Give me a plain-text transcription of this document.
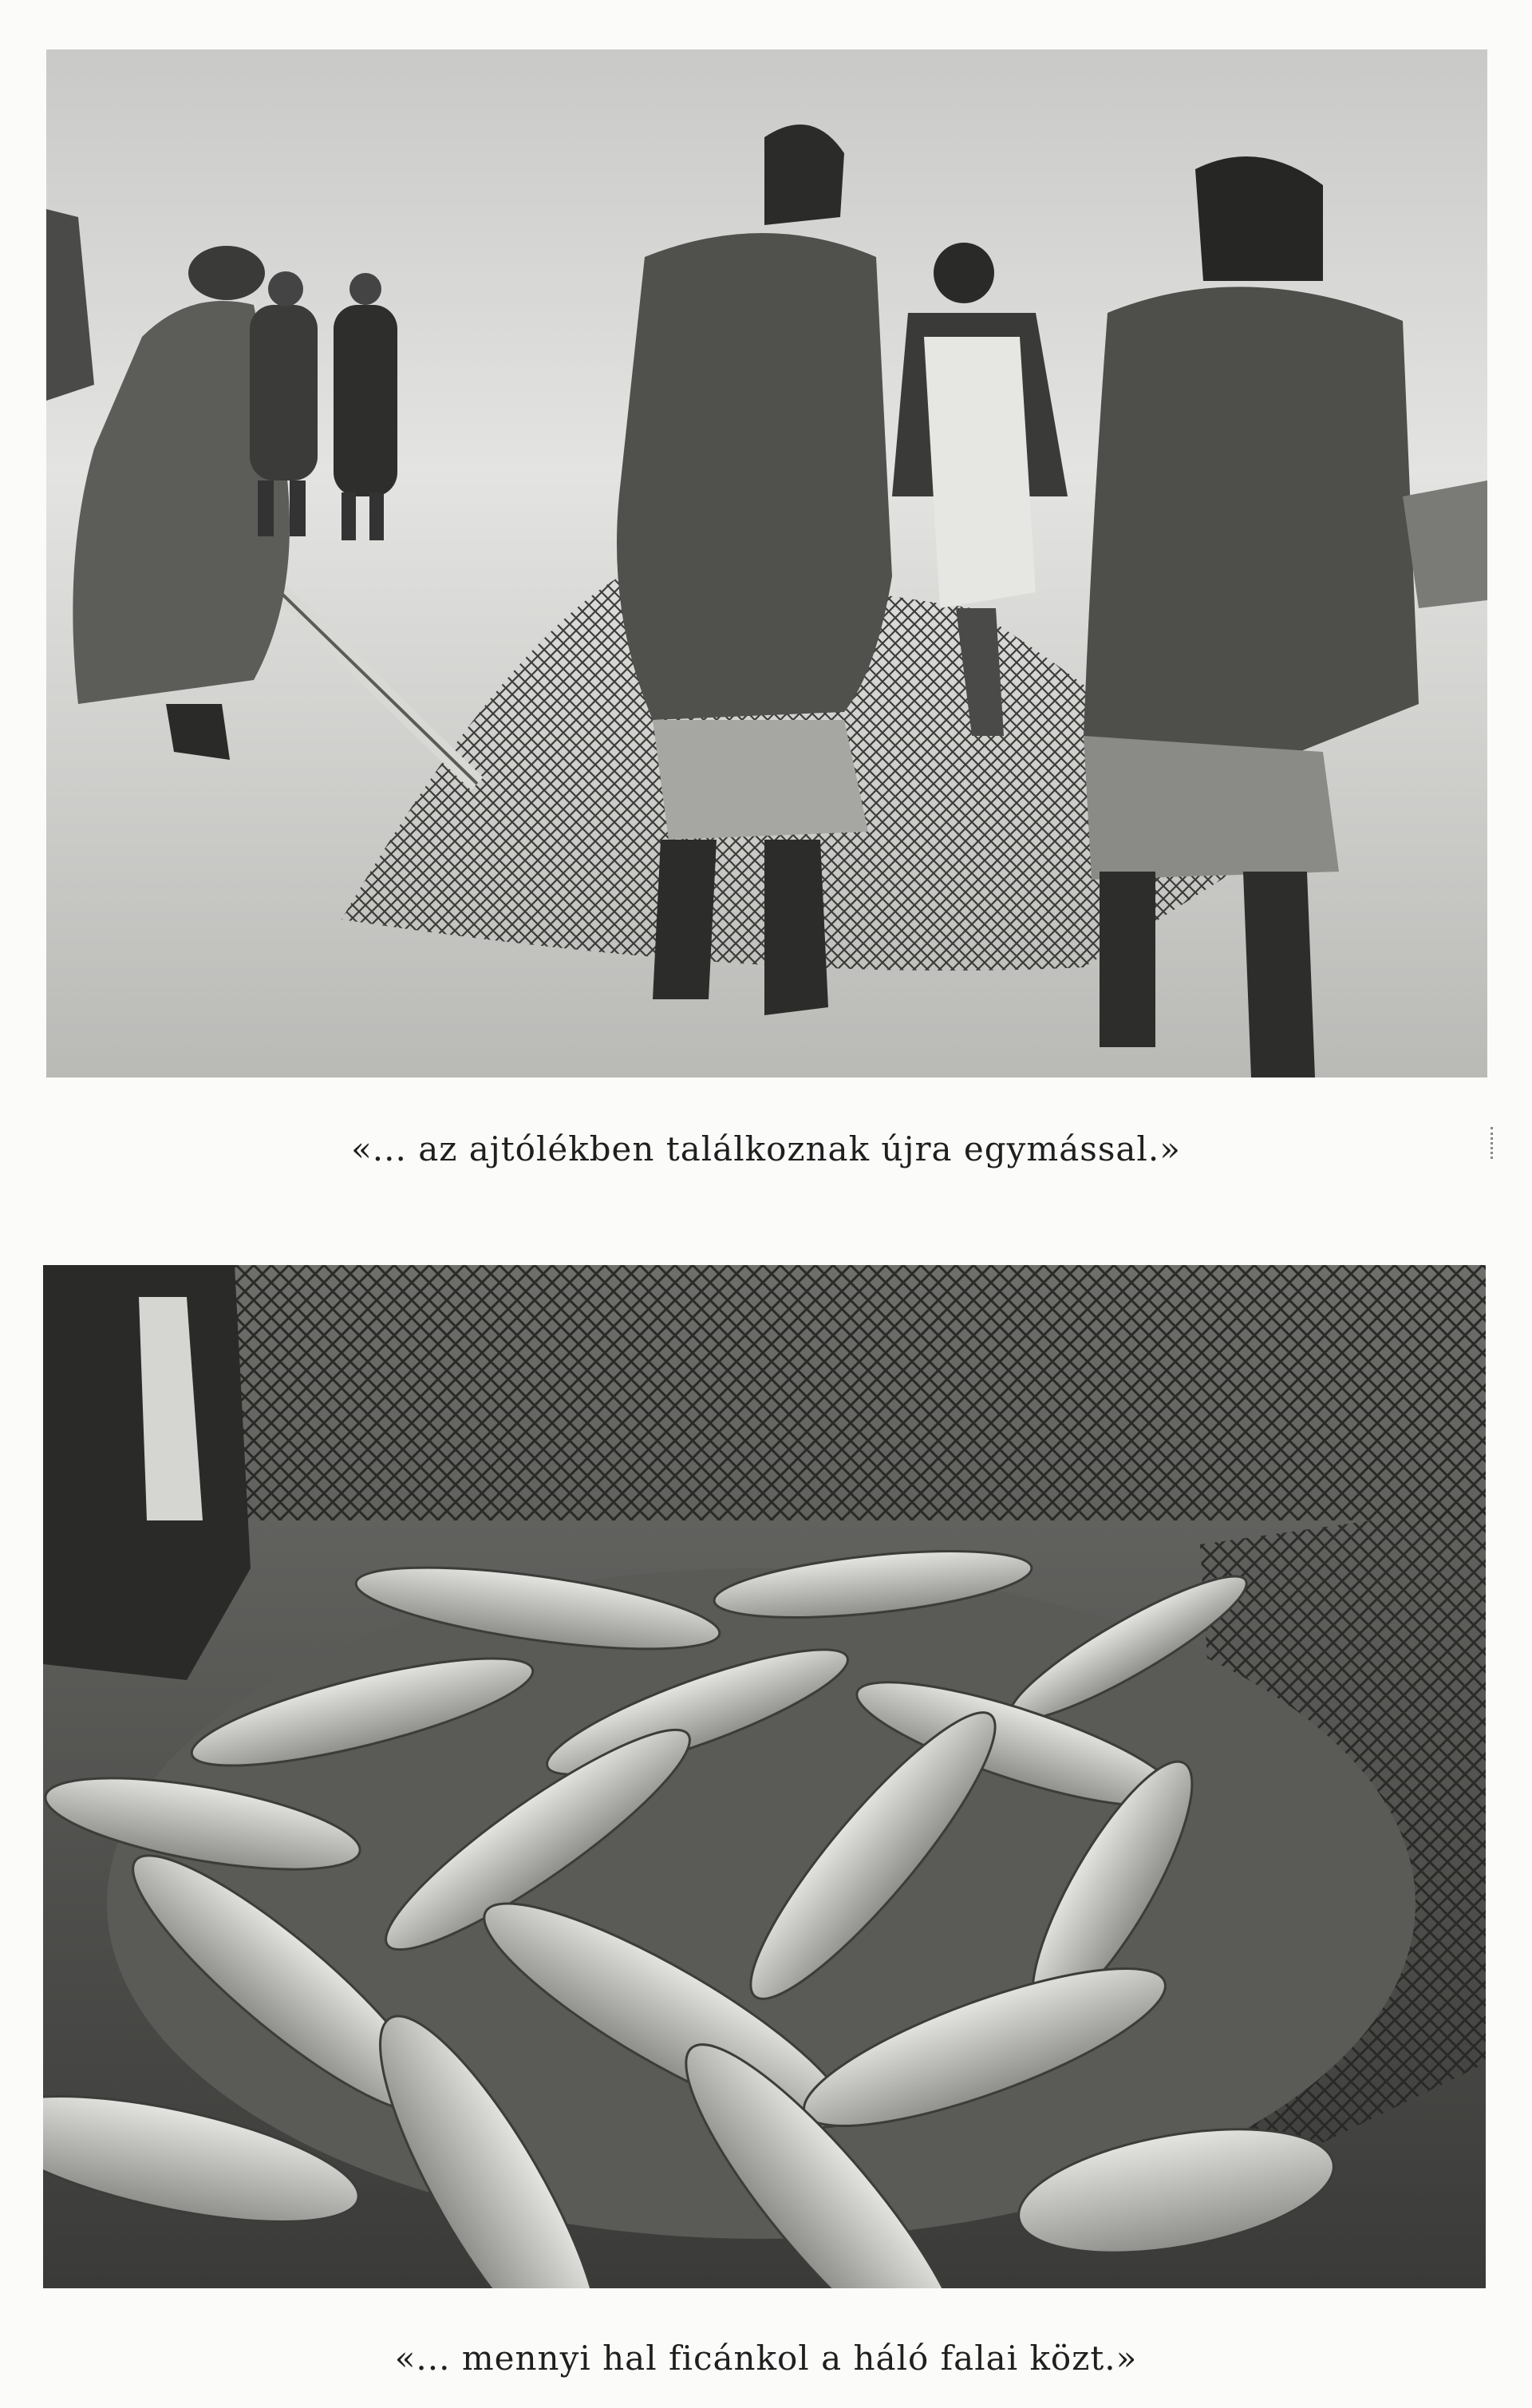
«... az ajtólékben találkoznak újra egymással.»
«... mennyi hal ficánkol a háló falai közt.»
